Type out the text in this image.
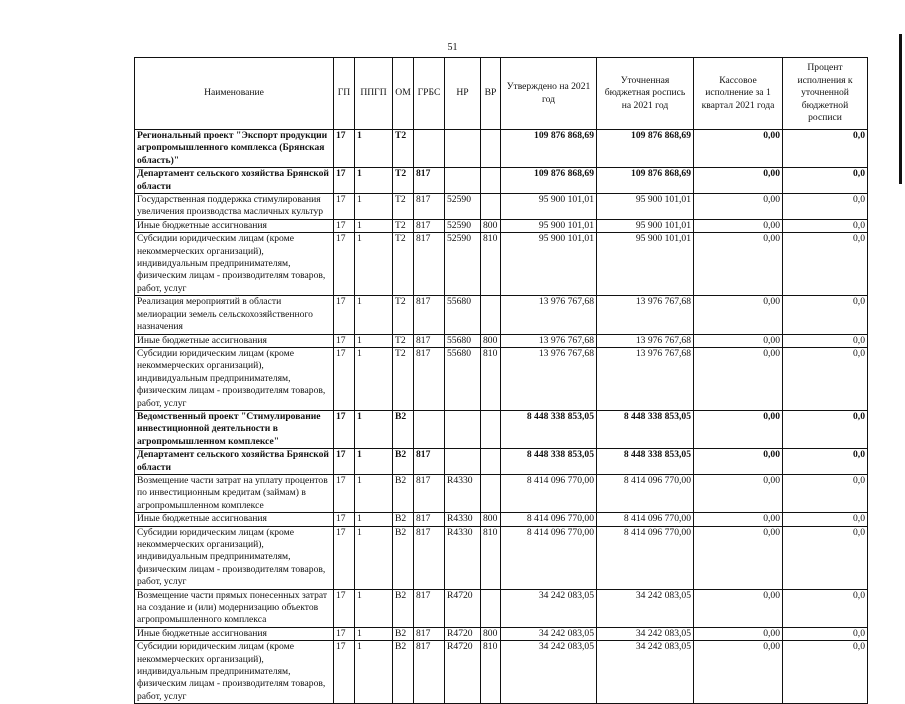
51
Наименование	ГП	ППГП	ОМ	ГРБС	НР	ВР	Утверждено на 2021 год	Уточненная бюджетная роспись на 2021 год	Кассовое исполнение за 1 квартал 2021 года	Процент исполнения к уточненной бюджетной росписи
Региональный проект "Экспорт продукции агропромышленного комплекса (Брянская область)"	17	1	Т2				109 876 868,69	109 876 868,69	0,00	0,0
Департамент сельского хозяйства Брянской области	17	1	Т2	817			109 876 868,69	109 876 868,69	0,00	0,0
Государственная поддержка стимулирования увеличения производства масличных культур	17	1	Т2	817	52590		95 900 101,01	95 900 101,01	0,00	0,0
Иные бюджетные ассигнования	17	1	Т2	817	52590	800	95 900 101,01	95 900 101,01	0,00	0,0
Субсидии юридическим лицам (кроме некоммерческих организаций), индивидуальным предпринимателям, физическим лицам - производителям товаров, работ, услуг	17	1	Т2	817	52590	810	95 900 101,01	95 900 101,01	0,00	0,0
Реализация мероприятий в области мелиорации земель сельскохозяйственного назначения	17	1	Т2	817	55680		13 976 767,68	13 976 767,68	0,00	0,0
Иные бюджетные ассигнования	17	1	Т2	817	55680	800	13 976 767,68	13 976 767,68	0,00	0,0
Субсидии юридическим лицам (кроме некоммерческих организаций), индивидуальным предпринимателям, физическим лицам - производителям товаров, работ, услуг	17	1	Т2	817	55680	810	13 976 767,68	13 976 767,68	0,00	0,0
Ведомственный проект "Стимулирование инвестиционной деятельности в агропромышленном комплексе"	17	1	В2				8 448 338 853,05	8 448 338 853,05	0,00	0,0
Департамент сельского хозяйства Брянской области	17	1	В2	817			8 448 338 853,05	8 448 338 853,05	0,00	0,0
Возмещение части затрат на уплату процентов по инвестиционным кредитам (займам) в агропромышленном комплексе	17	1	В2	817	R4330		8 414 096 770,00	8 414 096 770,00	0,00	0,0
Иные бюджетные ассигнования	17	1	В2	817	R4330	800	8 414 096 770,00	8 414 096 770,00	0,00	0,0
Субсидии юридическим лицам (кроме некоммерческих организаций), индивидуальным предпринимателям, физическим лицам - производителям товаров, работ, услуг	17	1	В2	817	R4330	810	8 414 096 770,00	8 414 096 770,00	0,00	0,0
Возмещение части прямых понесенных затрат на создание и (или) модернизацию объектов агропромышленного комплекса	17	1	В2	817	R4720		34 242 083,05	34 242 083,05	0,00	0,0
Иные бюджетные ассигнования	17	1	В2	817	R4720	800	34 242 083,05	34 242 083,05	0,00	0,0
Субсидии юридическим лицам (кроме некоммерческих организаций), индивидуальным предпринимателям, физическим лицам - производителям товаров, работ, услуг	17	1	В2	817	R4720	810	34 242 083,05	34 242 083,05	0,00	0,0
